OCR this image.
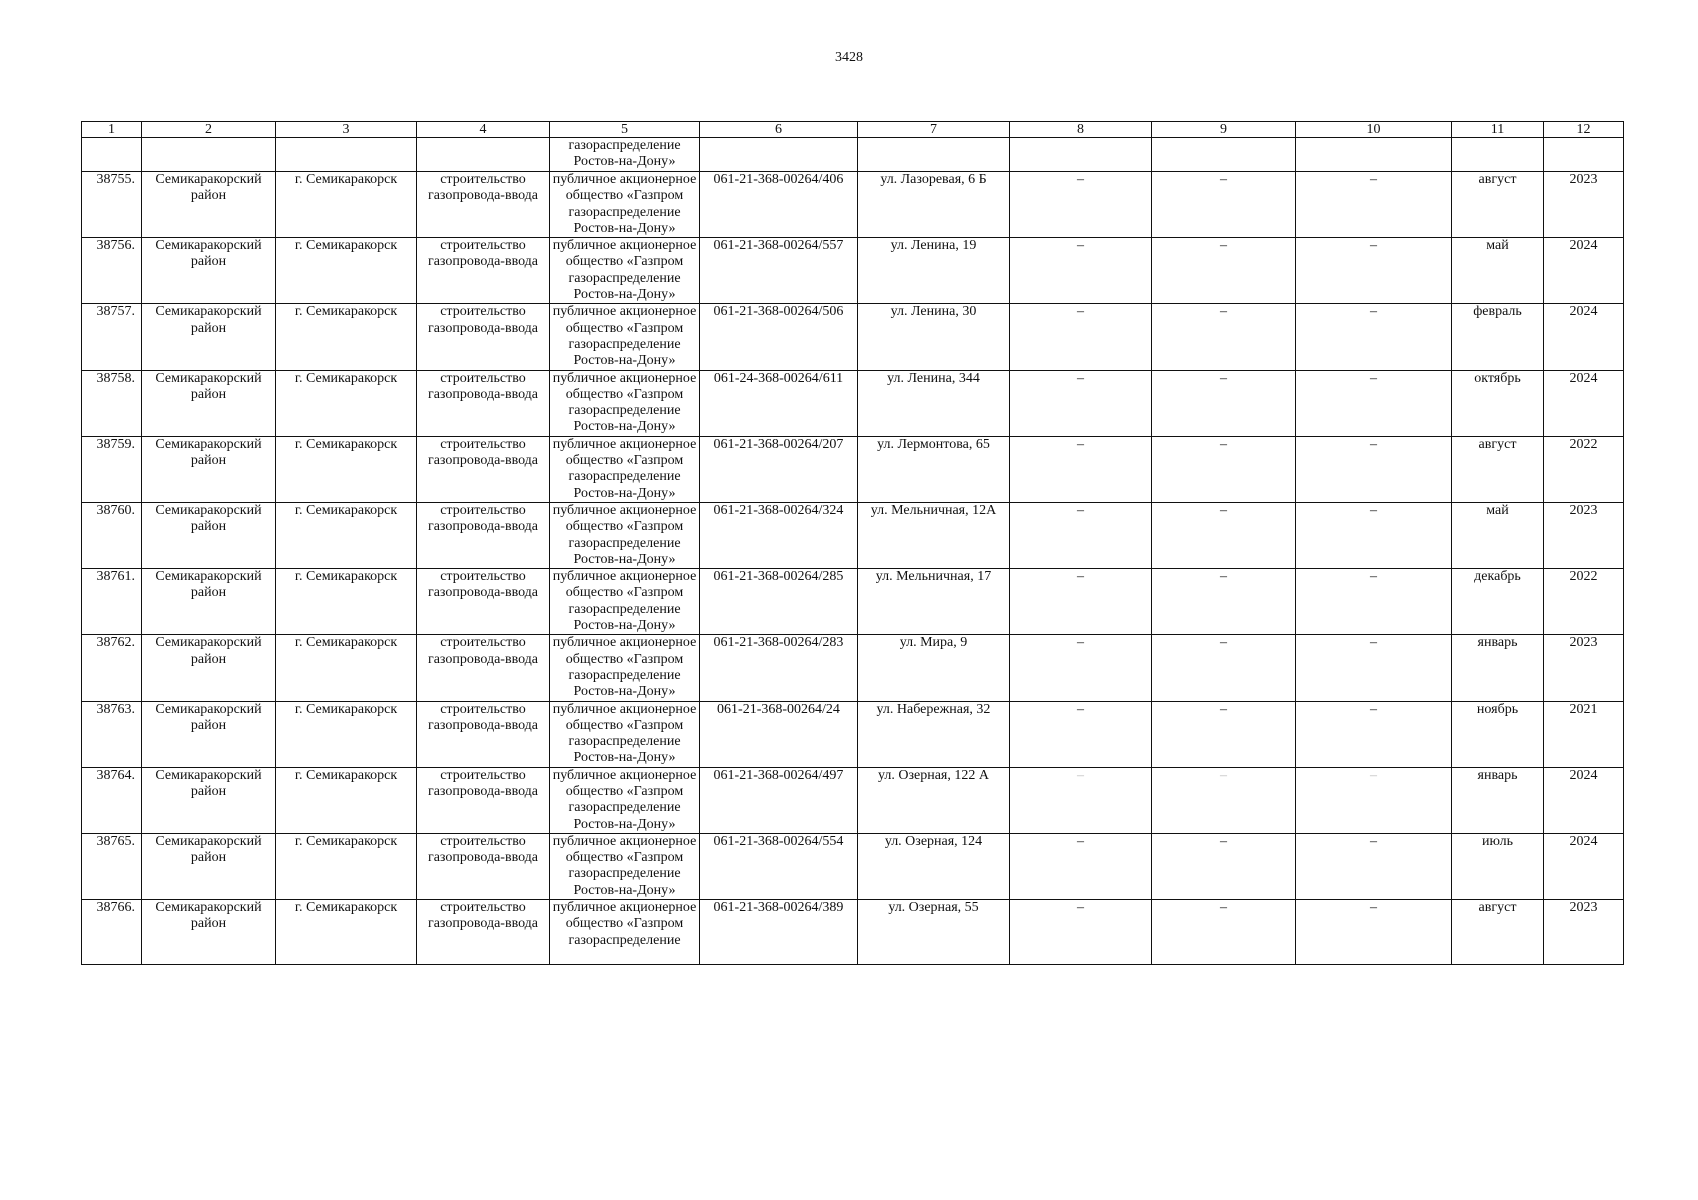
3428
1	2	3	4	5	6	7	8	9	10	11	12
				газораспределение
Ростов-на-Дону»							
38755.	Семикаракорский район	г. Семикаракорск	строительство газопровода-ввода	публичное акционерное общество «Газпром газораспределение Ростов-на-Дону»	061-21-368-00264/406	ул. Лазоревая, 6 Б	–	–	–	август	2023
38756.	Семикаракорский район	г. Семикаракорск	строительство газопровода-ввода	публичное акционерное общество «Газпром газораспределение Ростов-на-Дону»	061-21-368-00264/557	ул. Ленина, 19	–	–	–	май	2024
38757.	Семикаракорский район	г. Семикаракорск	строительство газопровода-ввода	публичное акционерное общество «Газпром газораспределение Ростов-на-Дону»	061-21-368-00264/506	ул. Ленина, 30	–	–	–	февраль	2024
38758.	Семикаракорский район	г. Семикаракорск	строительство газопровода-ввода	публичное акционерное общество «Газпром газораспределение Ростов-на-Дону»	061-24-368-00264/611	ул. Ленина, 344	–	–	–	октябрь	2024
38759.	Семикаракорский район	г. Семикаракорск	строительство газопровода-ввода	публичное акционерное общество «Газпром газораспределение Ростов-на-Дону»	061-21-368-00264/207	ул. Лермонтова, 65	–	–	–	август	2022
38760.	Семикаракорский район	г. Семикаракорск	строительство газопровода-ввода	публичное акционерное общество «Газпром газораспределение Ростов-на-Дону»	061-21-368-00264/324	ул. Мельничная, 12А	–	–	–	май	2023
38761.	Семикаракорский район	г. Семикаракорск	строительство газопровода-ввода	публичное акционерное общество «Газпром газораспределение Ростов-на-Дону»	061-21-368-00264/285	ул. Мельничная, 17	–	–	–	декабрь	2022
38762.	Семикаракорский район	г. Семикаракорск	строительство газопровода-ввода	публичное акционерное общество «Газпром газораспределение Ростов-на-Дону»	061-21-368-00264/283	ул. Мира, 9	–	–	–	январь	2023
38763.	Семикаракорский район	г. Семикаракорск	строительство газопровода-ввода	публичное акционерное общество «Газпром газораспределение Ростов-на-Дону»	061-21-368-00264/24	ул. Набережная, 32	–	–	–	ноябрь	2021
38764.	Семикаракорский район	г. Семикаракорск	строительство газопровода-ввода	публичное акционерное общество «Газпром газораспределение Ростов-на-Дону»	061-21-368-00264/497	ул. Озерная, 122 А	–	–	–	январь	2024
38765.	Семикаракорский район	г. Семикаракорск	строительство газопровода-ввода	публичное акционерное общество «Газпром газораспределение Ростов-на-Дону»	061-21-368-00264/554	ул. Озерная, 124	–	–	–	июль	2024
38766.	Семикаракорский район	г. Семикаракорск	строительство газопровода-ввода	публичное акционерное общество «Газпром газораспределение	061-21-368-00264/389	ул. Озерная, 55	–	–	–	август	2023
